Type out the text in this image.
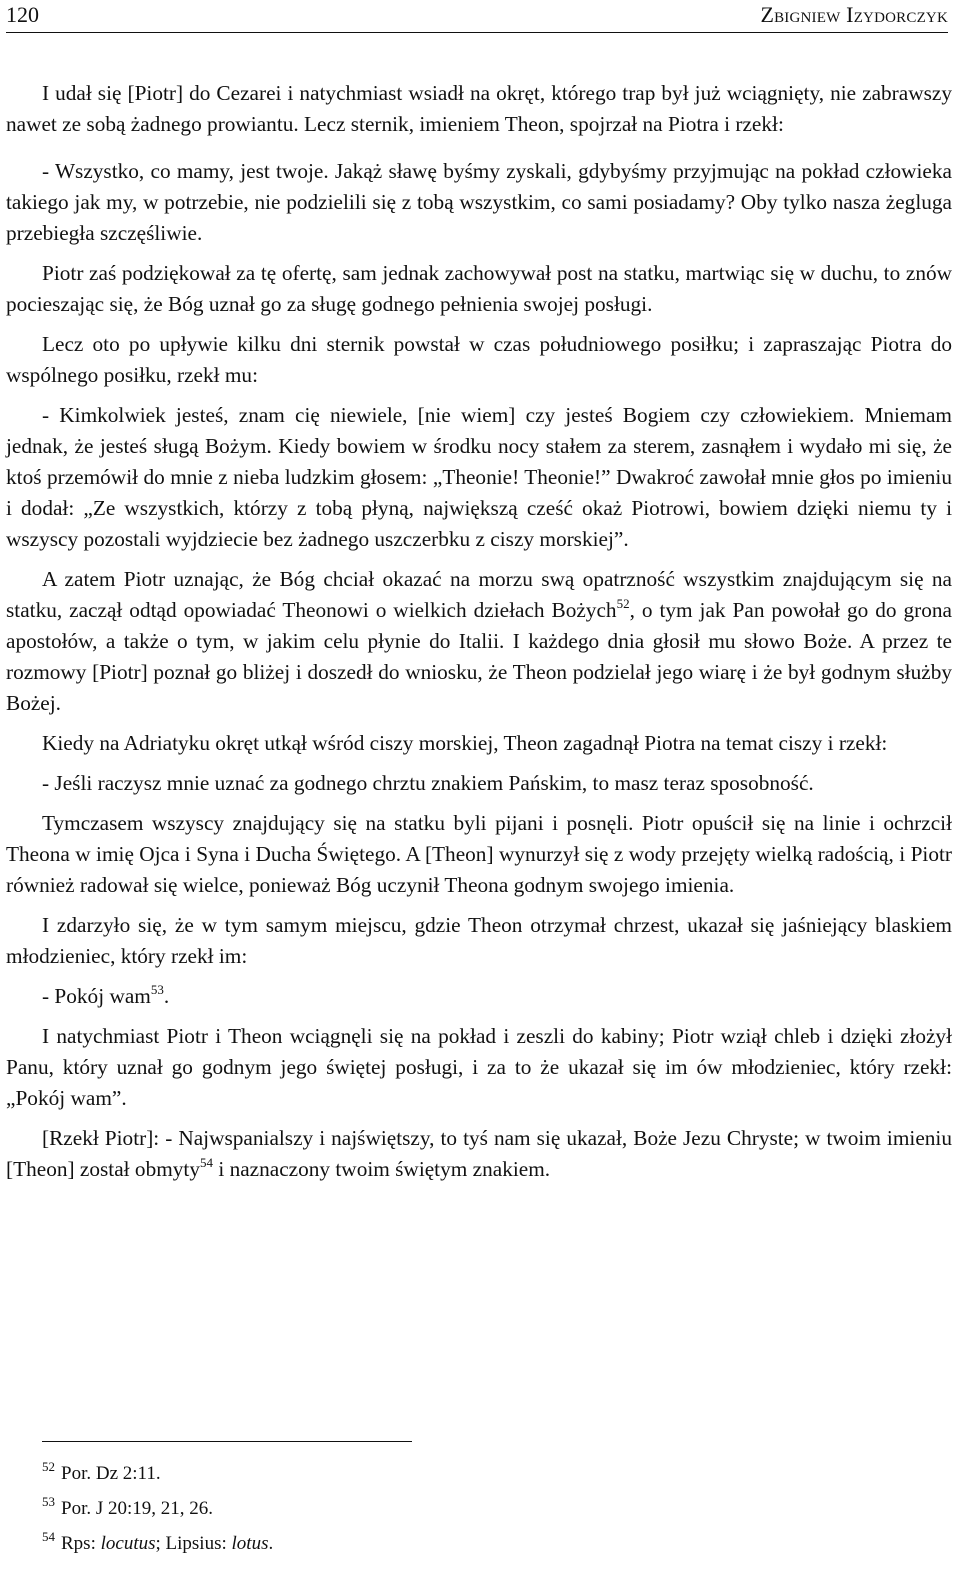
120	Zbigniew Izydorczyk

I udał się [Piotr] do Cezarei i natychmiast wsiadł na okręt, którego trap był już wciągnięty, nie zabrawszy nawet ze sobą żadnego prowiantu. Lecz sternik, imieniem Theon, spojrzał na Piotra i rzekł:

- Wszystko, co mamy, jest twoje. Jakąż sławę byśmy zyskali, gdybyśmy przyjmując na pokład człowieka takiego jak my, w potrzebie, nie podzielili się z tobą wszystkim, co sami posiadamy? Oby tylko nasza żegluga przebiegła szczęśliwie.

Piotr zaś podziękował za tę ofertę, sam jednak zachowywał post na statku, martwiąc się w duchu, to znów pocieszając się, że Bóg uznał go za sługę godnego pełnienia swojej posługi.

Lecz oto po upływie kilku dni sternik powstał w czas południowego posiłku; i zapraszając Piotra do wspólnego posiłku, rzekł mu:

- Kimkolwiek jesteś, znam cię niewiele, [nie wiem] czy jesteś Bogiem czy człowiekiem. Mniemam jednak, że jesteś sługą Bożym. Kiedy bowiem w środku nocy stałem za sterem, zasnąłem i wydało mi się, że ktoś przemówił do mnie z nieba ludzkim głosem: „Theonie! Theonie!” Dwakroć zawołał mnie głos po imieniu i dodał: „Ze wszystkich, którzy z tobą płyną, największą cześć okaż Piotrowi, bowiem dzięki niemu ty i wszyscy pozostali wyjdziecie bez żadnego uszczerbku z ciszy morskiej”.

A zatem Piotr uznając, że Bóg chciał okazać na morzu swą opatrzność wszystkim znajdującym się na statku, zaczął odtąd opowiadać Theonowi o wielkich dziełach Bożych$^{52}$, o tym jak Pan powołał go do grona apostołów, a także o tym, w jakim celu płynie do Italii. I każdego dnia głosił mu słowo Boże. A przez te rozmowy [Piotr] poznał go bliżej i doszedł do wniosku, że Theon podzielał jego wiarę i że był godnym służby Bożej.

Kiedy na Adriatyku okręt utkął wśród ciszy morskiej, Theon zagadnął Piotra na temat ciszy i rzekł:

- Jeśli raczysz mnie uznać za godnego chrztu znakiem Pańskim, to masz teraz sposobność.

Tymczasem wszyscy znajdujący się na statku byli pijani i posnęli. Piotr opuścił się na linie i ochrzcił Theona w imię Ojca i Syna i Ducha Świętego. A [Theon] wynurzył się z wody przejęty wielką radością, i Piotr również radował się wielce, ponieważ Bóg uczynił Theona godnym swojego imienia.

I zdarzyło się, że w tym samym miejscu, gdzie Theon otrzymał chrzest, ukazał się jaśniejący blaskiem młodzieniec, który rzekł im:

- Pokój wam$^{53}$.

I natychmiast Piotr i Theon wciągnęli się na pokład i zeszli do kabiny; Piotr wziął chleb i dzięki złożył Panu, który uznał go godnym jego świętej posługi, i za to że ukazał się im ów młodzieniec, który rzekł: „Pokój wam”.

[Rzekł Piotr]: - Najwspanialszy i najświętszy, to tyś nam się ukazał, Boże Jezu Chryste; w twoim imieniu [Theon] został obmyty$^{54}$ i naznaczony twoim świętym znakiem.

$^{52}$ Por. Dz 2:11.
$^{53}$ Por. J 20:19, 21, 26.
$^{54}$ Rps: locutus; Lipsius: lotus.
